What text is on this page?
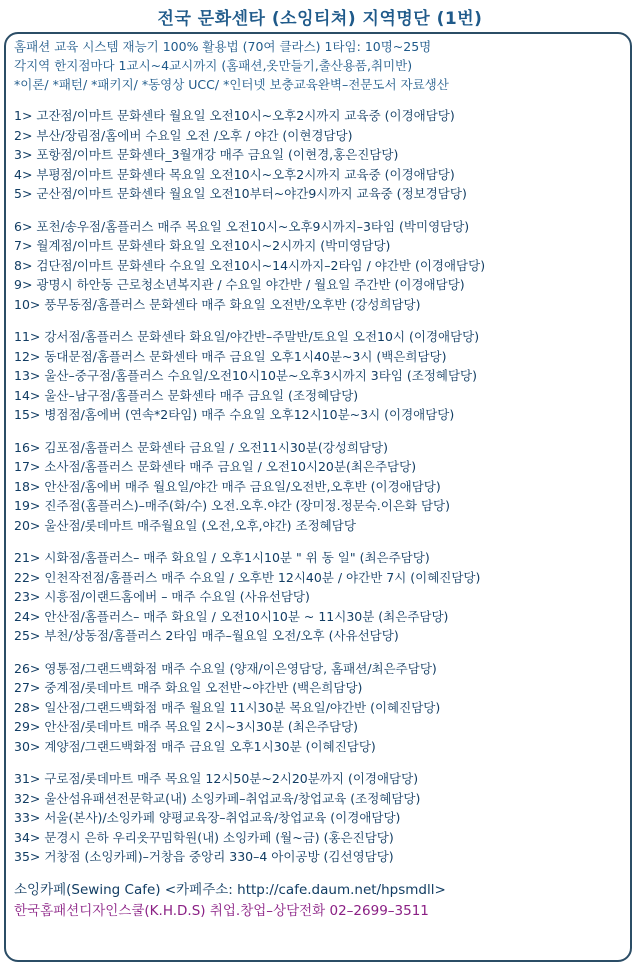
전국 문화센타 (소잉티쳐) 지역명단 (1번)
홈패션 교육 시스템 재능기 100% 활용법 (70여 클라스) 1타임: 10명~25명
각지역 한지점마다 1교시~4교시까지 (홈패션,옷만들기,출산용품,취미반)
*이론/ *패턴/ *패키지/ *동영상 UCC/ *인터넷 보충교육완벽–전문도서 자료생산
1> 고잔점/이마트 문화센타 월요일 오전10시~오후2시까지 교육중 (이경애담당)
2> 부산/장림점/홈에버 수요일 오전 /오후 / 야간 (이현경담당)
3> 포항점/이마트 문화센타_3월개강 매주 금요일 (이현경,홍은진담당)
4> 부평점/이마트 문화센타 목요일 오전10시~오후2시까지 교육중 (이경애담당)
5> 군산점/이마트 문화센타 월요일 오전10부터~야간9시까지 교육중 (정보경담당)
6> 포천/송우점/홈플러스 매주 목요일 오전10시~오후9시까지–3타임 (박미영담당)
7> 월계점/이마트 문화센타 화요일 오전10시~2시까지 (박미영담당)
8> 검단점/이마트 문화센타 수요일 오전10시~14시까지–2타임 / 야간반 (이경애담당)
9> 광명시 하안동 근로청소년복지관 / 수요일 야간반 / 월요일 주간반 (이경애담당)
10> 풍무동점/홈플러스 문화센타 매주 화요일 오전반/오후반 (강성희담당)
11> 강서점/홈플러스 문화센타 화요일/야간반–주말반/토요일 오전10시 (이경애담당)
12> 동대문점/홈플러스 문화센타 매주 금요일 오후1시40분~3시 (백은희담당)
13> 울산–중구점/홈플러스 수요일/오전10시10분~오후3시까지 3타임 (조정혜담당)
14> 울산–남구점/홈플러스 문화센타 매주 금요일 (조정혜담당)
15> 병점점/홈에버 (연속*2타임) 매주 수요일 오후12시10분~3시 (이경애담당)
16> 김포점/홈플러스 문화센타 금요일 / 오전11시30분(강성희담당)
17> 소사점/홈플러스 문화센타 매주 금요일 / 오전10시20분(최은주담당)
18> 안산점/홈에버 매주 월요일/야간 매주 금요일/오전반,오후반 (이경애담당)
19> 진주점(홈플러스)–매주(화/수) 오전.오후.야간 (장미정.정문숙.이은화 담당)
20> 울산점/롯데마트 매주월요일 (오전,오후,야간) 조정혜담당
21> 시화점/홈플러스– 매주 화요일 / 오후1시10분 " 위 동 일" (최은주담당)
22> 인천작전점/홈플러스 매주 수요일 / 오후반 12시40분 / 야간반 7시 (이혜진담당)
23> 시흥점/이랜드홈에버 – 매주 수요일 (사유선담당)
24> 안산점/홈플러스– 매주 화요일 / 오전10시10분 ~ 11시30분 (최은주담당)
25> 부천/상동점/홈플러스 2타임 매주–월요일 오전/오후 (사유선담당)
26> 영통점/그랜드백화점 매주 수요일 (양재/이은영담당, 홈패션/최은주담당)
27> 중계점/롯데마트 매주 화요일 오전반~야간반 (백은희담당)
28> 일산점/그랜드백화점 매주 월요일 11시30분 목요일/야간반 (이혜진담당)
29> 안산점/롯데마트 매주 목요일 2시~3시30분 (최은주담당)
30> 계양점/그랜드백화점 매주 금요일 오후1시30분 (이혜진담당)
31> 구로점/롯데마트 매주 목요일 12시50분~2시20분까지 (이경애담당)
32> 울산섬유패션전문학교(내) 소잉카페–취업교육/창업교육 (조정혜담당)
33> 서울(본사)/소잉카페 양평교육장–취업교육/창업교육 (이경애담당)
34> 문경시 은하 우리옷꾸밈학원(내) 소잉카페 (월~금) (홍은진담당)
35> 거창점 (소잉카페)–거창읍 중앙리 330–4 아이공방 (김선영담당)
소잉카페(Sewing Cafe) <카페주소: http://cafe.daum.net/hpsmdll>
한국홈패션디자인스쿨(K.H.D.S) 취업.창업–상담전화 02–2699–3511
